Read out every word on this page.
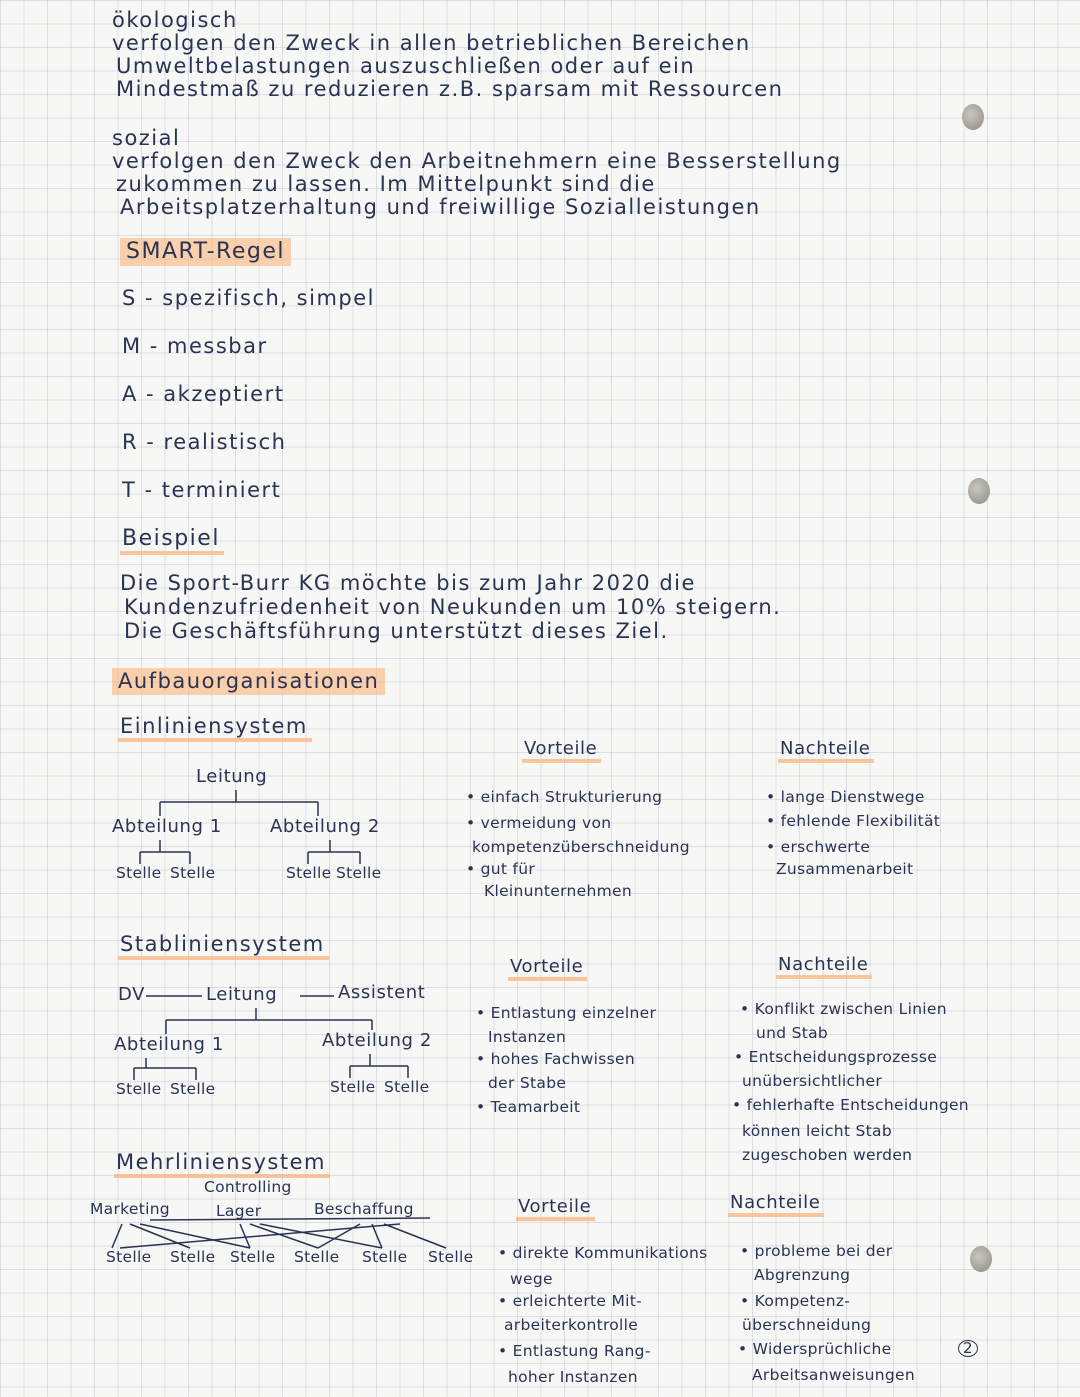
ökologisch
verfolgen den Zweck in allen betrieblichen Bereichen
Umweltbelastungen auszuschließen oder auf ein
Mindestmaß zu reduzieren z.B. sparsam mit Ressourcen
sozial
verfolgen den Zweck den Arbeitnehmern eine Besserstellung
zukommen zu lassen. Im Mittelpunkt sind die
Arbeitsplatzerhaltung und freiwillige Sozialleistungen
SMART-Regel
S - spezifisch, simpel
M - messbar
A - akzeptiert
R - realistisch
T - terminiert
Beispiel
Die Sport-Burr KG möchte bis zum Jahr 2020 die
Kundenzufriedenheit von Neukunden um 10% steigern.
Die Geschäftsführung unterstützt dieses Ziel.
Aufbauorganisationen
Einliniensystem
Leitung
Abteilung 1	Abteilung 2
Stelle Stelle	Stelle Stelle
Vorteile
• einfach Strukturierung
• vermeidung von
kompetenzüberschneidung
• gut für
Kleinunternehmen
Nachteile
• lange Dienstwege
• fehlende Flexibilität
• erschwerte
Zusammenarbeit
Stabliniensystem
DV	Leitung	Assistent
Abteilung 1	Abteilung 2
Stelle Stelle	Stelle Stelle
Vorteile
• Entlastung einzelner
Instanzen
• hohes Fachwissen
der Stabe
• Teamarbeit
Nachteile
• Konflikt zwischen Linien
und Stab
• Entscheidungsprozesse
unübersichtlicher
• fehlerhafte Entscheidungen
können leicht Stab
zugeschoben werden
Mehrliniensystem
Controlling
Marketing	Lager	Beschaffung
Stelle Stelle Stelle Stelle Stelle Stelle
Vorteile
• direkte Kommunikations
wege
• erleichterte Mit-
arbeiterkontrolle
• Entlastung Rang-
hoher Instanzen
Nachteile
• probleme bei der
Abgrenzung
• Kompetenz-
überschneidung
• Widersprüchliche
Arbeitsanweisungen
2
